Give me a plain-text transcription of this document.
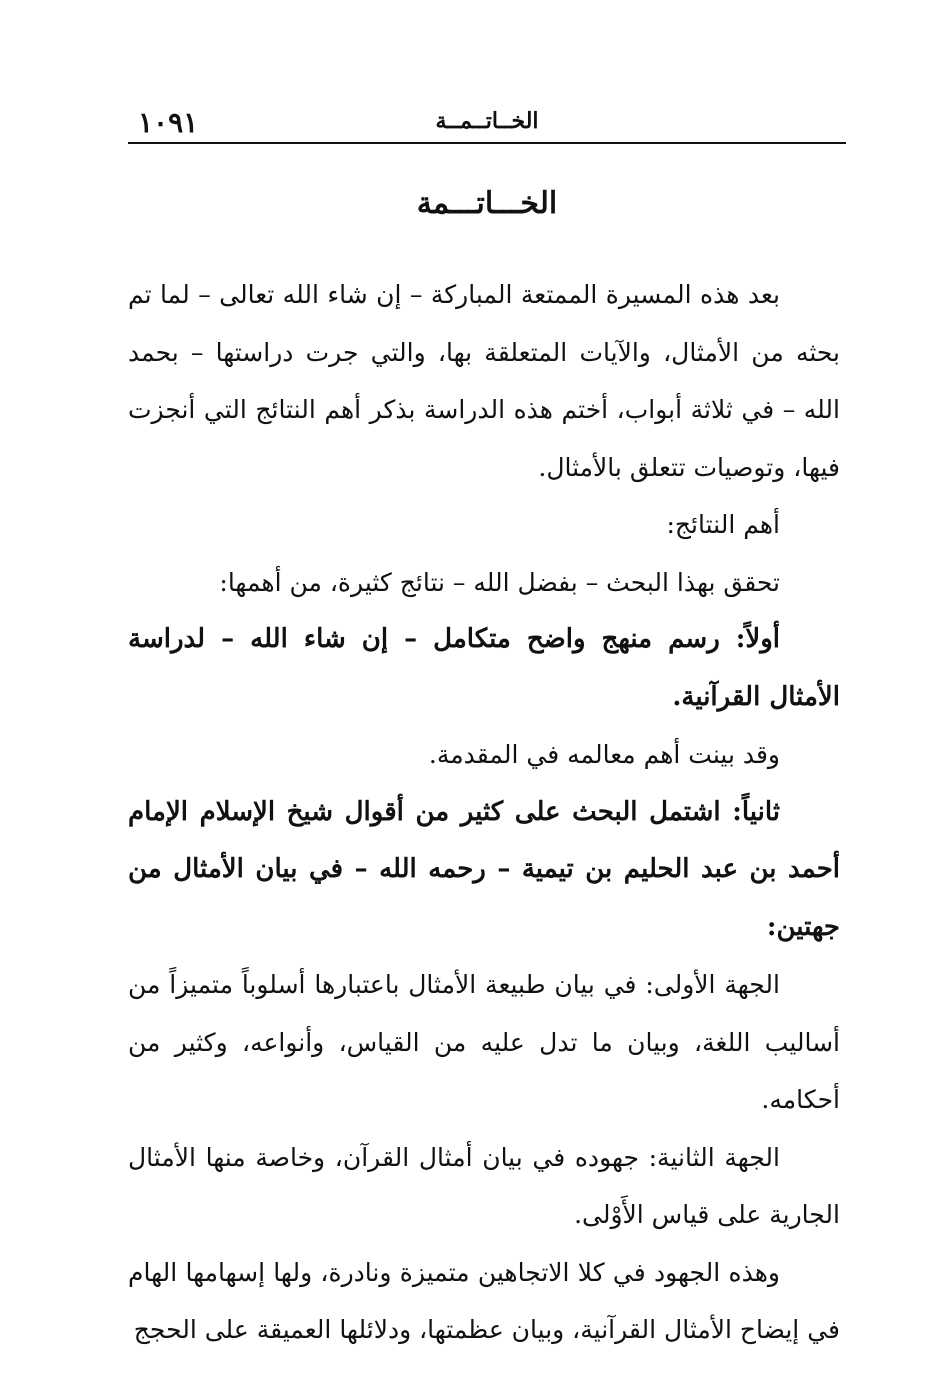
١٠٩١	الخــاتــمــة
الخـــاتـــمة

بعد هذه المسيرة الممتعة المباركة – إن شاء الله تعالى – لما تم بحثه من الأمثال، والآيات المتعلقة بها، والتي جرت دراستها – بحمد الله – في ثلاثة أبواب، أختم هذه الدراسة بذكر أهم النتائج التي أنجزت فيها، وتوصيات تتعلق بالأمثال.

أهم النتائج:

تحقق بهذا البحث – بفضل الله – نتائج كثيرة، من أهمها:

أولاً: رسم منهج واضح متكامل – إن شاء الله – لدراسة الأمثال القرآنية.

وقد بينت أهم معالمه في المقدمة.

ثانياً: اشتمل البحث على كثير من أقوال شيخ الإسلام الإمام أحمد بن عبد الحليم بن تيمية – رحمه الله – في بيان الأمثال من جهتين:

الجهة الأولى: في بيان طبيعة الأمثال باعتبارها أسلوباً متميزاً من أساليب اللغة، وبيان ما تدل عليه من القياس، وأنواعه، وكثير من أحكامه.

الجهة الثانية: جهوده في بيان أمثال القرآن، وخاصة منها الأمثال الجارية على قياس الأَوْلى.

وهذه الجهود في كلا الاتجاهين متميزة ونادرة، ولها إسهامها الهام في إيضاح الأمثال القرآنية، وبيان عظمتها، ودلائلها العميقة على الحجج
